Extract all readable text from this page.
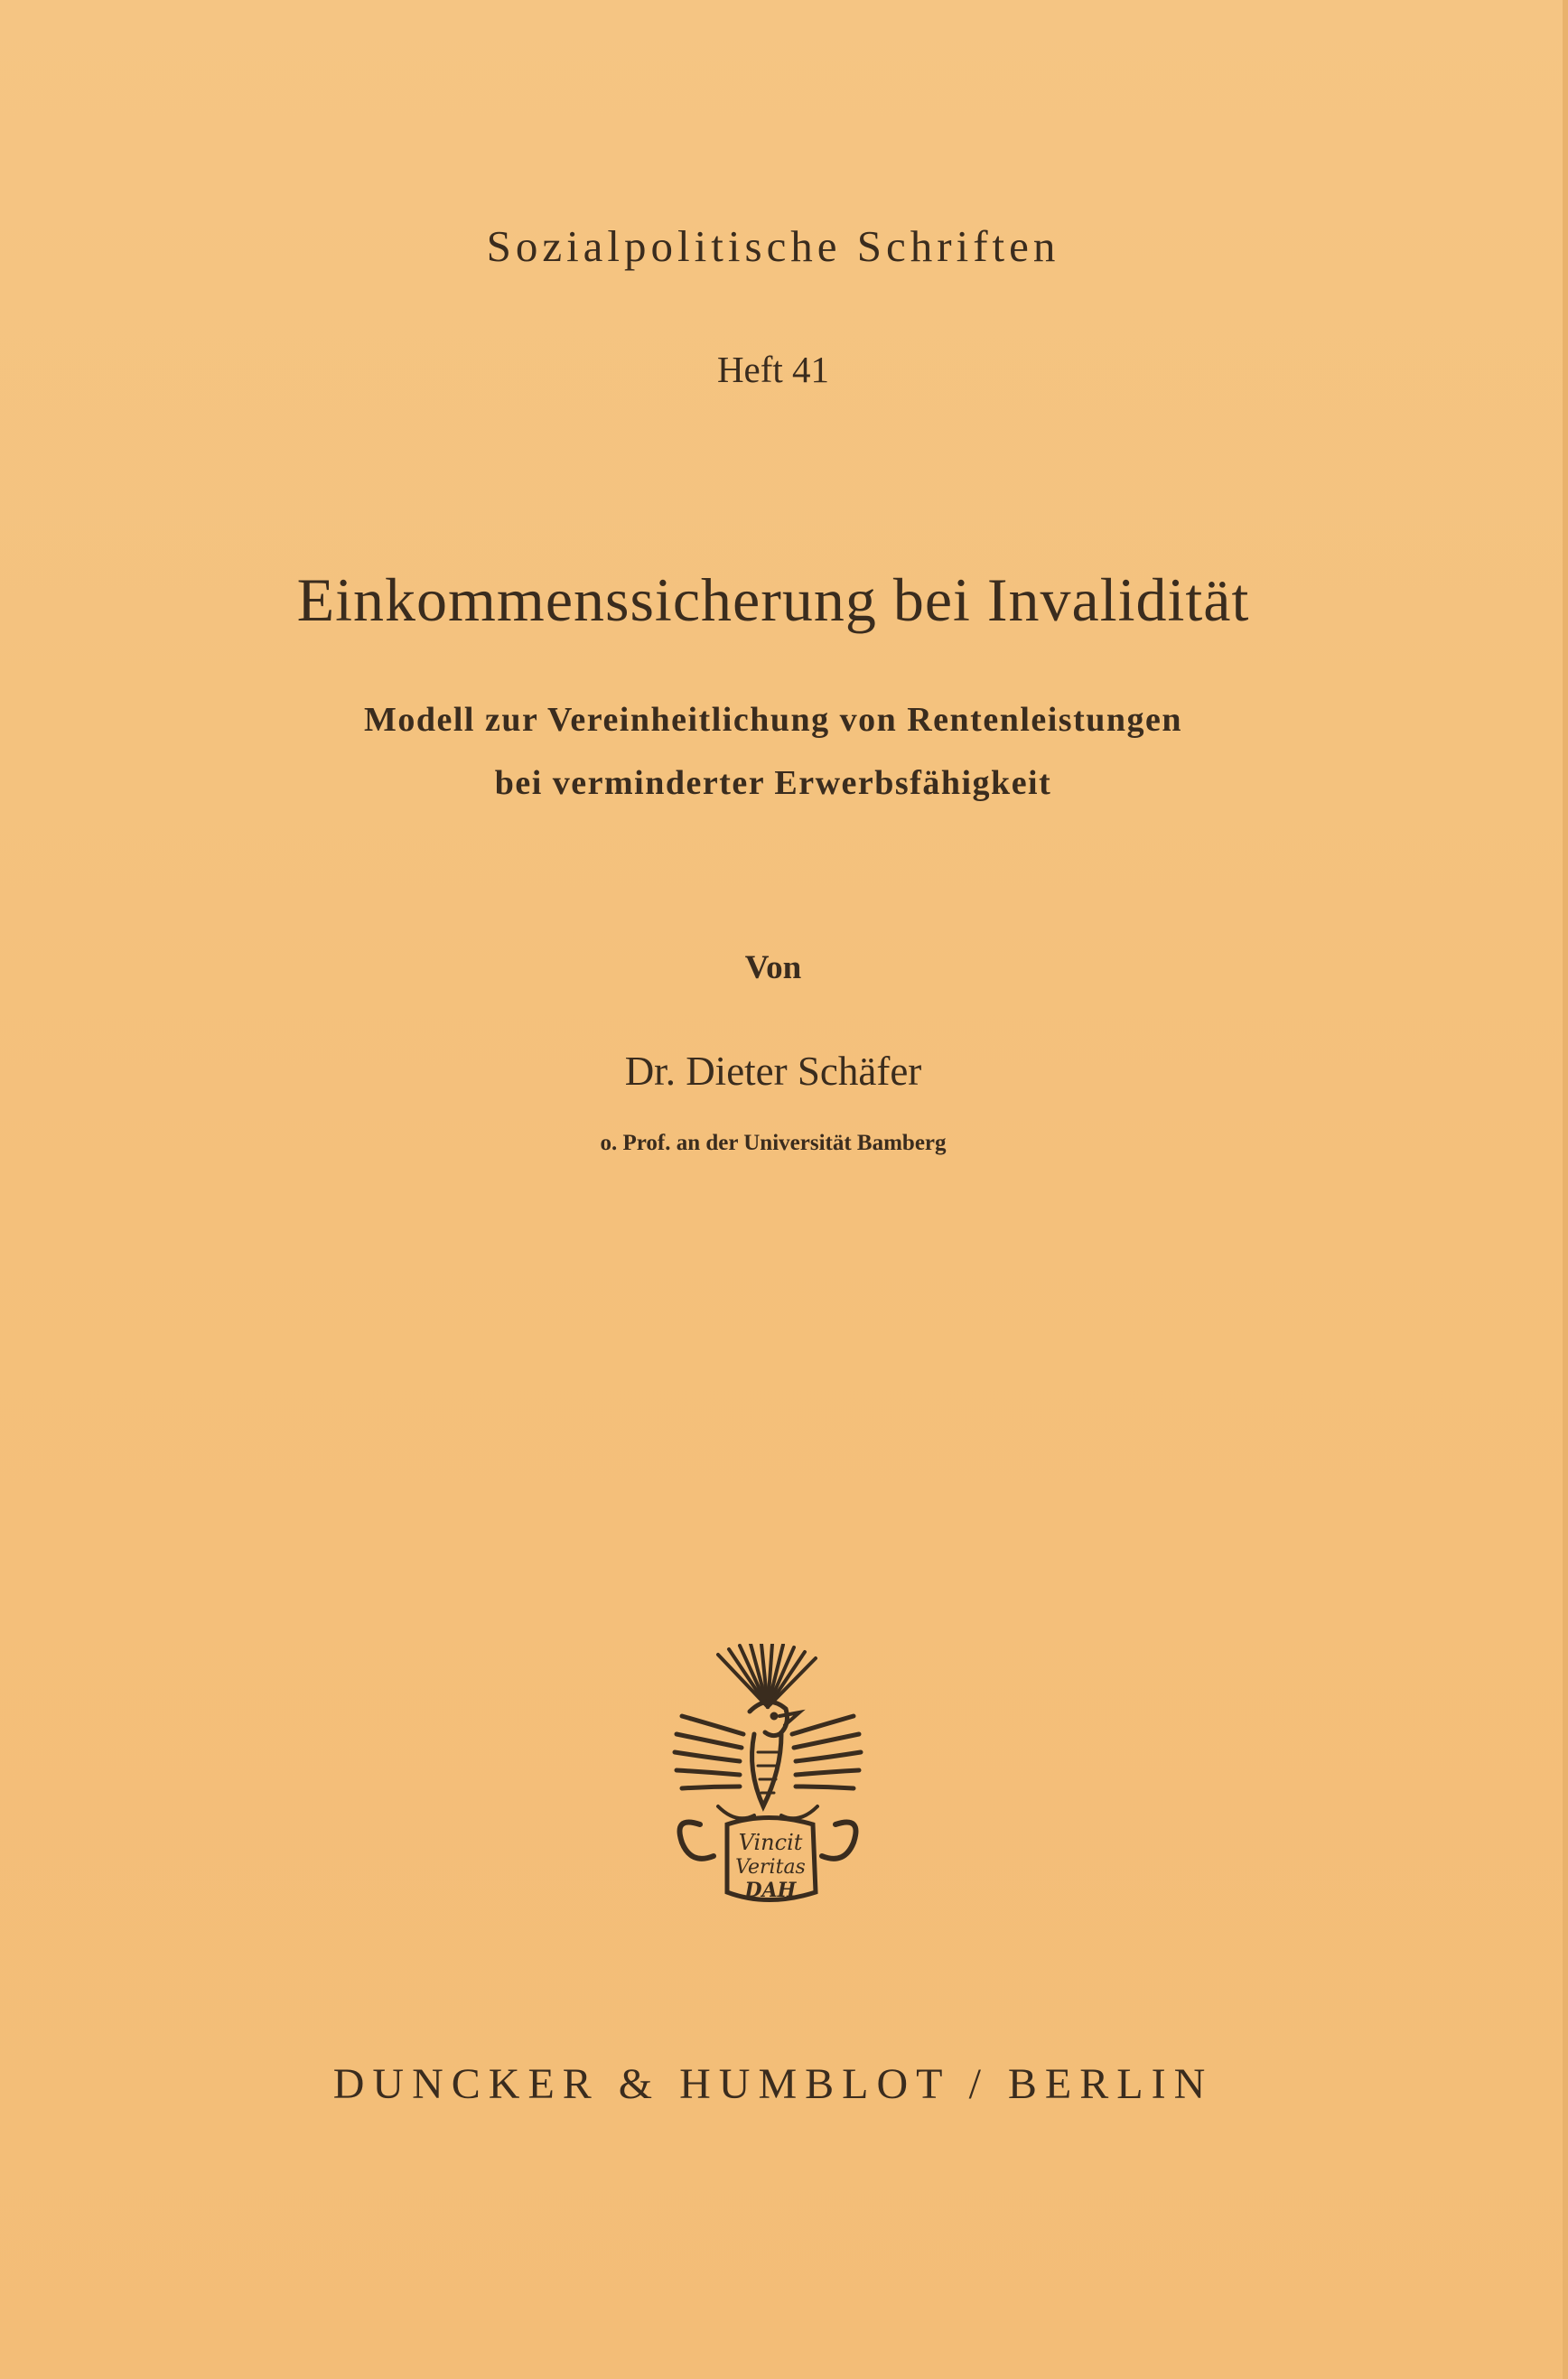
Sozialpolitische Schriften
Heft 41
Einkommenssicherung bei Invalidität
Modell zur Vereinheitlichung von Rentenleistungen
bei verminderter Erwerbsfähigkeit
Von
Dr. Dieter Schäfer
o. Prof. an der Universität Bamberg
Vincit
Veritas
DAH
DUNCKER & HUMBLOT / BERLIN
